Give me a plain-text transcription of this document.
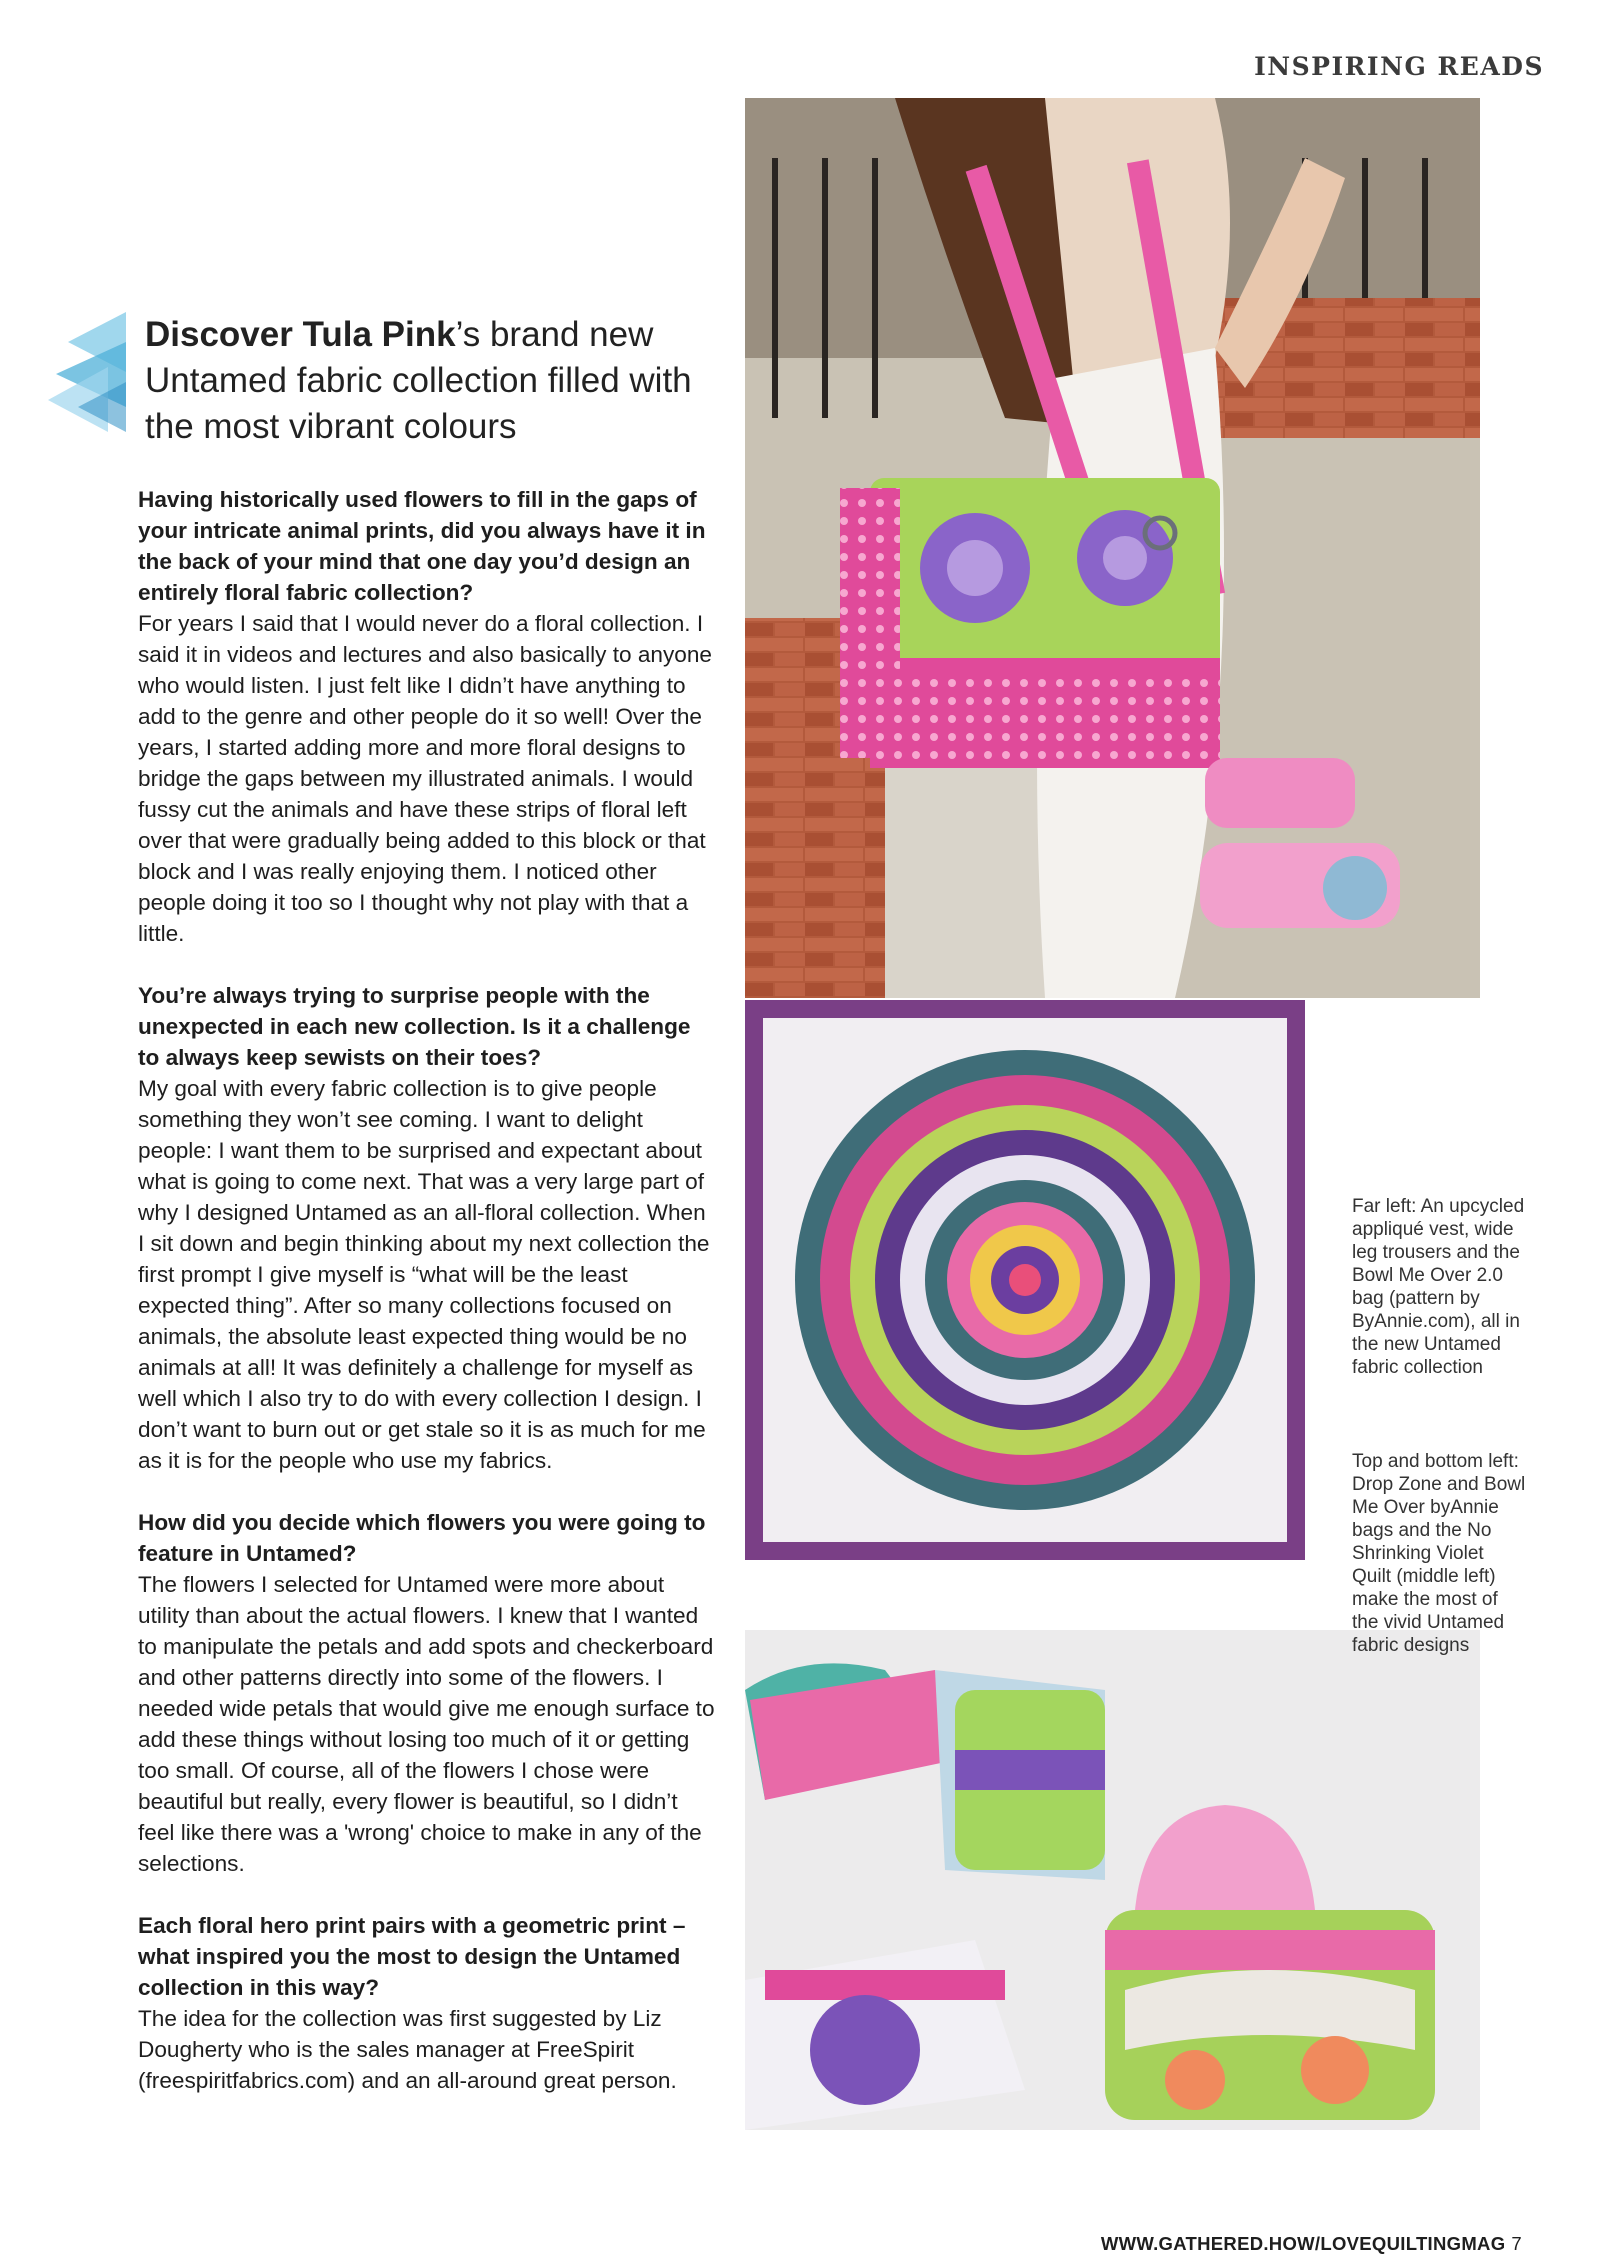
INSPIRING READS
Discover Tula Pink’s brand new Untamed fabric collection filled with the most vibrant colours

Having historically used flowers to fill in the gaps of your intricate animal prints, did you always have it in the back of your mind that one day you’d design an entirely floral fabric collection?

For years I said that I would never do a floral collection. I said it in videos and lectures and also basically to anyone who would listen. I just felt like I didn’t have anything to add to the genre and other people do it so well! Over the years, I started adding more and more floral designs to bridge the gaps between my illustrated animals. I would fussy cut the animals and have these strips of floral left over that were gradually being added to this block or that block and I was really enjoying them. I noticed other people doing it too so I thought why not play with that a little.

You’re always trying to surprise people with the unexpected in each new collection. Is it a challenge to always keep sewists on their toes?

My goal with every fabric collection is to give people something they won’t see coming. I want to delight people: I want them to be surprised and expectant about what is going to come next. That was a very large part of why I designed Untamed as an all-floral collection. When I sit down and begin thinking about my next collection the first prompt I give myself is “what will be the least expected thing”. After so many collections focused on animals, the absolute least expected thing would be no animals at all! It was definitely a challenge for myself as well which I also try to do with every collection I design. I don’t want to burn out or get stale so it is as much for me as it is for the people who use my fabrics.

How did you decide which flowers you were going to feature in Untamed?

The flowers I selected for Untamed were more about utility than about the actual flowers. I knew that I wanted to manipulate the petals and add spots and checkerboard and other patterns directly into some of the flowers. I needed wide petals that would give me enough surface to add these things without losing too much of it or getting too small. Of course, all of the flowers I chose were beautiful but really, every flower is beautiful, so I didn’t feel like there was a 'wrong' choice to make in any of the selections.

Each floral hero print pairs with a geometric print – what inspired you the most to design the Untamed collection in this way?

The idea for the collection was first suggested by Liz Dougherty who is the sales manager at FreeSpirit (freespiritfabrics.com) and an all-around great person.

Far left: An upcycled appliqué vest, wide leg trousers and the Bowl Me Over 2.0 bag (pattern by ByAnnie.com), all in the new Untamed fabric collection
Top and bottom left: Drop Zone and Bowl Me Over byAnnie bags and the No Shrinking Violet Quilt (middle left) make the most of the vivid Untamed fabric designs
WWW.GATHERED.HOW/LOVEQUILTINGMAG 7
